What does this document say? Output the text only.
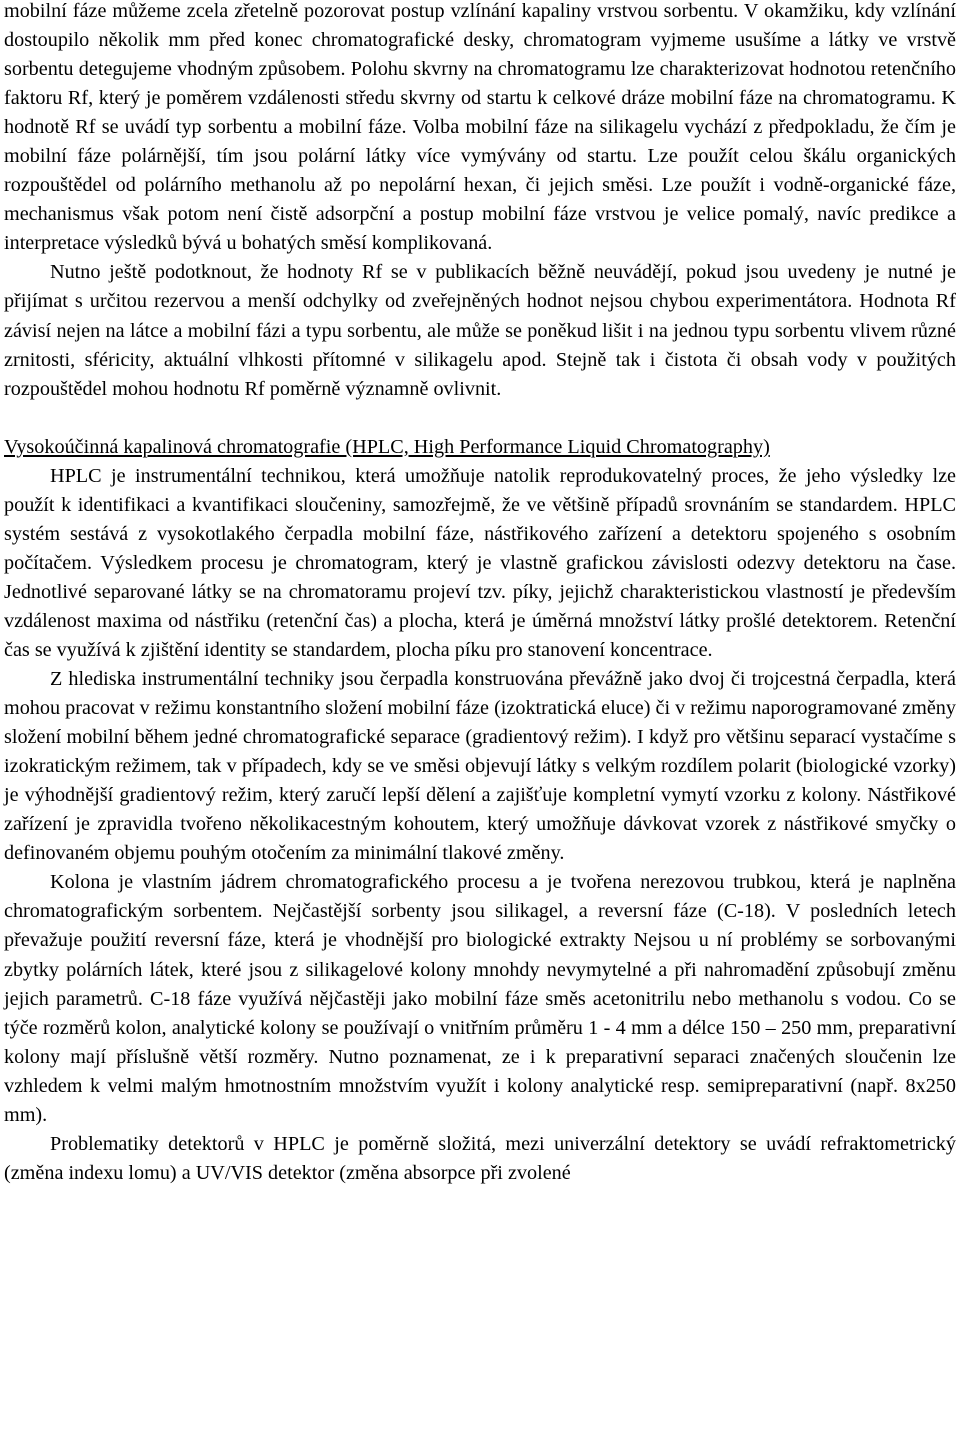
mobilní fáze můžeme zcela zřetelně pozorovat postup vzlínání kapaliny vrstvou sorbentu. V okamžiku, kdy vzlínání dostoupilo několik mm před konec chromatografické desky, chromatogram vyjmeme usušíme a látky ve vrstvě sorbentu detegujeme vhodným způsobem. Polohu skvrny na chromatogramu lze charakterizovat hodnotou retenčního faktoru Rf, který je poměrem vzdálenosti středu skvrny od startu k celkové dráze mobilní fáze na chromatogramu. K hodnotě Rf se uvádí typ sorbentu a mobilní fáze. Volba mobilní fáze na silikagelu vychází z předpokladu, že čím je mobilní fáze polárnější, tím jsou polární látky více vymývány od startu. Lze použít celou škálu organických rozpouštědel od polárního methanolu až po nepolární hexan, či jejich směsi. Lze použít i vodně-organické fáze, mechanismus však potom není čistě adsorpční a postup mobilní fáze vrstvou je velice pomalý, navíc predikce a interpretace výsledků bývá u bohatých směsí komplikovaná.

Nutno ještě podotknout, že hodnoty Rf se v publikacích běžně neuvádějí, pokud jsou uvedeny je nutné je přijímat s určitou rezervou a menší odchylky od zveřejněných hodnot nejsou chybou experimentátora. Hodnota Rf závisí nejen na látce a mobilní fázi a typu sorbentu, ale může se poněkud lišit i na jednou typu sorbentu vlivem různé zrnitosti, sféricity, aktuální vlhkosti přítomné v silikagelu apod. Stejně tak i čistota či obsah vody v použitých rozpouštědel mohou hodnotu Rf poměrně významně ovlivnit.

Vysokoúčinná kapalinová chromatografie (HPLC, High Performance Liquid Chromatography)

HPLC je instrumentální technikou, která umožňuje natolik reprodukovatelný proces, že jeho výsledky lze použít k identifikaci a kvantifikaci sloučeniny, samozřejmě, že ve většině případů srovnáním se standardem. HPLC systém sestává z vysokotlakého čerpadla mobilní fáze, nástřikového zařízení a detektoru spojeného s osobním počítačem. Výsledkem procesu je chromatogram, který je vlastně grafickou závislosti odezvy detektoru na čase. Jednotlivé separované látky se na chromatoramu projeví tzv. píky, jejichž charakteristickou vlastností je především vzdálenost maxima od nástřiku (retenční čas) a plocha, která je úměrná množství látky prošlé detektorem. Retenční čas se využívá k zjištění identity se standardem, plocha píku pro stanovení koncentrace.

Z hlediska instrumentální techniky jsou čerpadla konstruována převážně jako dvoj či trojcestná čerpadla, která mohou pracovat v režimu konstantního složení mobilní fáze (izoktratická eluce) či v režimu naporogramované změny složení mobilní během jedné chromatografické separace (gradientový režim). I když pro většinu separací vystačíme s izokratickým režimem, tak v případech, kdy se ve směsi objevují látky s velkým rozdílem polarit (biologické vzorky) je výhodnější gradientový režim, který zaručí lepší dělení a zajišťuje kompletní vymytí vzorku z kolony. Nástřikové zařízení je zpravidla tvořeno několikacestným kohoutem, který umožňuje dávkovat vzorek z nástřikové smyčky o definovaném objemu pouhým otočením za minimální tlakové změny.

Kolona je vlastním jádrem chromatografického procesu a je tvořena nerezovou trubkou, která je naplněna chromatografickým sorbentem. Nejčastější sorbenty jsou silikagel, a reversní fáze (C-18). V posledních letech převažuje použití reversní fáze, která je vhodnější pro biologické extrakty Nejsou u ní problémy se sorbovanými zbytky polárních látek, které jsou z silikagelové kolony mnohdy nevymytelné a při nahromadění způsobují změnu jejich parametrů. C-18 fáze využívá nějčastěji jako mobilní fáze směs acetonitrilu nebo methanolu s vodou. Co se týče rozměrů kolon, analytické kolony se používají o vnitřním průměru 1 - 4 mm a délce 150 – 250 mm, preparativní kolony mají příslušně větší rozměry. Nutno poznamenat, ze i k preparativní separaci značených sloučenin lze vzhledem k velmi malým hmotnostním množstvím využít i kolony analytické resp. semipreparativní (např. 8x250 mm).

Problematiky detektorů v HPLC je poměrně složitá, mezi univerzální detektory se uvádí refraktometrický (změna indexu lomu) a UV/VIS detektor (změna absorpce při zvolené
